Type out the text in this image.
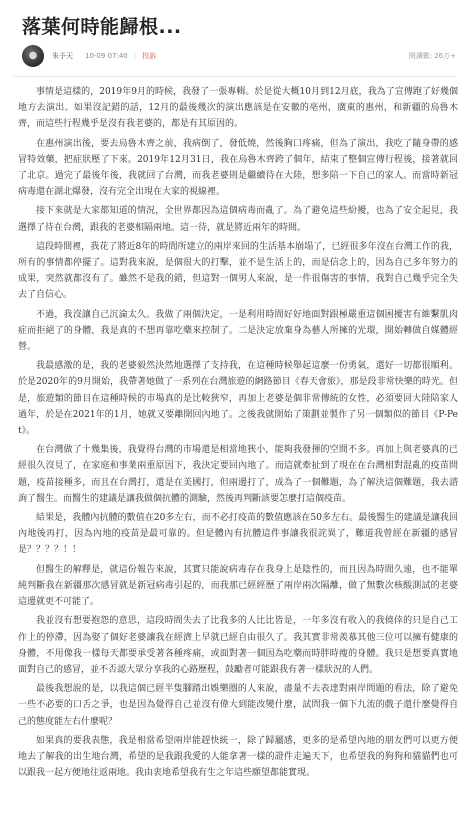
落葉何時能歸根...
● 朱予天 10-09 07:40 | 投訴	閱讀數: 26万+

事情是這樣的，2019年9月的時候，我發了一張專輯。於是從大概10月到12月底，我為了宣傳跑了好幾個地方去演出。如果沒記錯的話，12月的最後幾次的演出應該是在安徽的亳州，廣東的惠州，和新疆的烏魯木齊，而這些行程幾乎是沒有我老婆的，都是有其原因的。

在惠州演出後，要去烏魯木齊之前，我病倒了，發低燒，然後胸口疼痛，但為了演出，我吃了隨身帶的感冒特效藥，把症狀壓了下來。2019年12月31日，我在烏魯木齊跨了個年，結束了整個宣傳行程後，接著就回了北京。過完了最後年後，我就回了台灣，而我老婆則是繼續待在大陸，想多陪一下自己的家人。而當時新冠病毒還在湖北爆發，沒有完全出現在大家的視線裡。

接下來就是大家都知道的情況，全世界都因為這個病毒而亂了。為了避免這些紛擾，也為了安全起見，我選擇了待在台灣，跟我的老婆相隔兩地。這一待，就是將近兩年的時間。

這段時間裡，我花了將近8年的時間所建立的兩岸來回的生活基本崩塌了，已經很多年沒在台灣工作的我，所有的事情都停擺了。這對我來說，是個很大的打擊，並不是生活上的，而是信念上的，因為自己多年努力的成果，突然就都沒有了。雖然不是我的錯，但這對一個男人來說，是一件很傷害的事情，我對自己幾乎完全失去了自信心。

不過，我沒讓自己沉淪太久。我做了兩個決定，一是利用時間好好地面對跟極嚴重這個困擾害有維繫肌肉症而拒絕了的身體，我是真的不想再靠吃藥來控制了。二是決定放棄身為藝人所擁的光環，開始轉做自媒體經營。

我最感激的是，我的老婆毅然決然地選擇了支持我，在這種時候舉起這麼一份勇氣，還好一切都很順利。於是2020年的9月開始，我帶著她做了一系列在台灣旅遊的網路節目《春天會旅》，那是段非常快樂的時光。但是，旅遊類的節目在這種時候的市場真的是比較狹窄，再加上老婆是個非常傳統的女性，必須要回大陸陪家人過年，於是在2021年的1月，她就又要離開回內地了。之後我就開始了策劃並製作了另一個類似的節目《P-Pet》。

在台灣做了十幾集後，我覺得台灣的市場還是相當地狹小，能夠我發揮的空間不多。再加上與老婆真的已經很久沒見了，在家庭和事業兩重原因下，我決定要回內地了。而這就牽扯到了現在在台灣相對混亂的疫苗問題，疫苗接種多，而且在台灣打，還是在美國打，但兩邊打了，成為了一個難題，為了解決這個難題，我去諮詢了醫生。而醫生的建議是讓我做個抗體的測驗，然後再判斷該要怎麼打這個疫苗。

結果是，我體內抗體的數值在20多左右，而不必打疫苗的數值應該在50多左右。最後醫生的建議是讓我回內地後再打，因為內地的疫苗是最可靠的。但是體內有抗體這件事讓我很詫異了，難道我曾經在新疆的感冒是？？？？！！

但醫生的解釋是，就這份報告來說，其實只能說病毒存在我身上是陰性的，而且因為時間久遠，也不能單純判斷我在新疆那次感冒就是新冠病毒引起的，而我那已經經歷了兩岸兩次隔離，做了無數次核酸測試的老婆這邊就更不可能了。

我並沒有想要抱怨的意思，這段時間失去了比我多的人比比皆是，一年多沒有收入的我僥倖的只是自己工作上的停滯，因為娶了個好老婆讓我在經濟上早就已經自由很久了。我其實非常羨慕其他三位可以擁有健康的身體，不用像我一樣每天都要承受著各種疼痛，或面對著一個因為吃藥而時胖時瘦的身體。我只是想要真實地面對自己的感冒，並不否認大眾分享我的心路歷程，鼓勵者可能跟我有著一樣狀況的人們。

最後我想說的是，以我這個已經半隻腳踏出娛樂圈的人來說，盡量不去表達對兩岸問題的看法，除了避免一些不必要的口舌之爭，也是因為覺得自己並沒有偉大到能改變什麼，試問我一個下九流的戲子還什麼覺得自己的態度能左右什麼呢？

如果真的要我表態，我是相當希望兩岸能趕快統一，除了歸屬感，更多的是希望內地的朋友們可以更方便地去了解我的出生地台灣，希望的是我跟我愛的人能拿著一樣的證件走遍天下，也希望我的狗狗和貓貓們也可以跟我一起方便地往返兩地。我由衷地希望我有生之年這些願望都能實現。
